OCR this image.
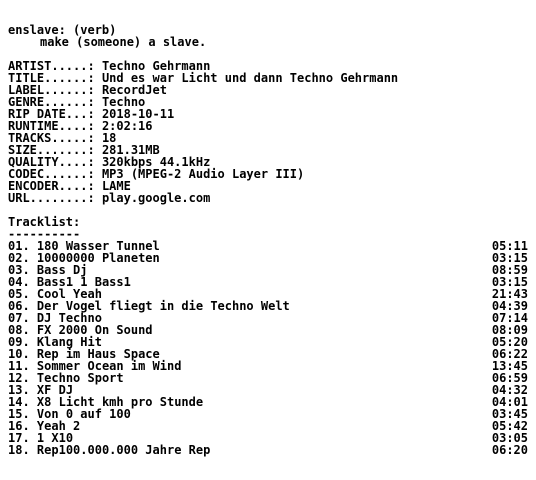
enslave: (verb)
make (someone) a slave.
ARTIST..... : Techno Gehrmann
TITLE...... : Und es war Licht und dann Techno Gehrmann
LABEL...... : RecordJet
GENRE...... : Techno
RIP DATE... : 2018-10-11
RUNTIME.... : 2:02:16
TRACKS..... : 18
SIZE....... : 281.31MB
QUALITY.... : 320kbps 44.1kHz
CODEC...... : MP3 (MPEG-2 Audio Layer III)
ENCODER.... : LAME
URL........ : play.google.com
Tracklist:
----------
01. 180 Wasser Tunnel	05:11
02. 10000000 Planeten	03:15
03. Bass Dj	08:59
04. Bass1 1 Bass1	03:15
05. Cool Yeah	21:43
06. Der Vogel fliegt in die Techno Welt	04:39
07. DJ Techno	07:14
08. FX 2000 On Sound	08:09
09. Klang Hit	05:20
10. Rep im Haus Space	06:22
11. Sommer Ocean im Wind	13:45
12. Techno Sport	06:59
13. XF DJ	04:32
14. X8 Licht kmh pro Stunde	04:01
15. Von 0 auf 100	03:45
16. Yeah 2	05:42
17. 1 X10	03:05
18. Rep100.000.000 Jahre Rep	06:20
